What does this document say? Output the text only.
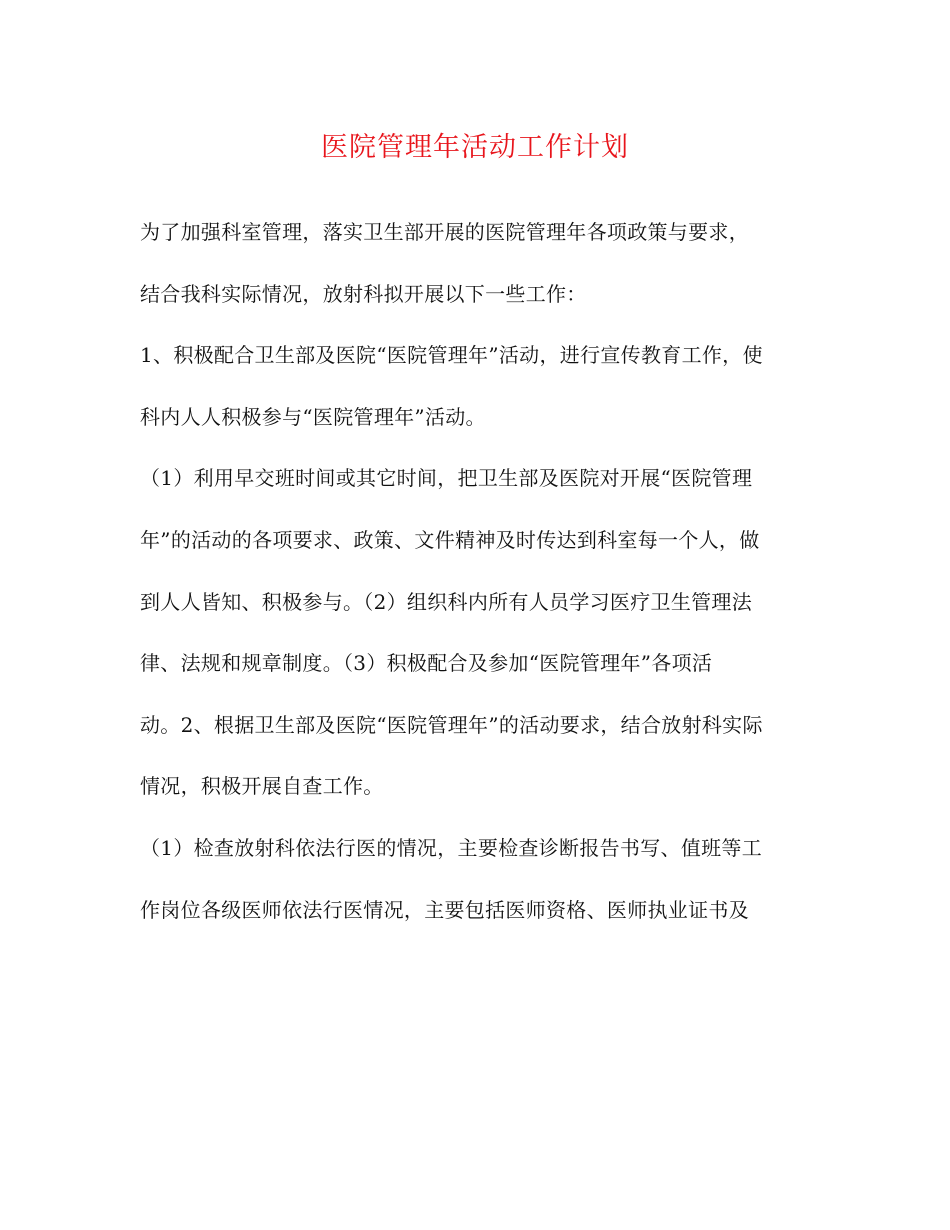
医院管理年活动工作计划
为了加强科室管理，落实卫生部开展的医院管理年各项政策与要求，
结合我科实际情况，放射科拟开展以下一些工作：
1、积极配合卫生部及医院“医院管理年”活动，进行宣传教育工作，使
科内人人积极参与“医院管理年”活动。
（1）利用早交班时间或其它时间，把卫生部及医院对开展“医院管理
年”的活动的各项要求、政策、文件精神及时传达到科室每一个人，做
到人人皆知、积极参与。（2）组织科内所有人员学习医疗卫生管理法
律、法规和规章制度。（3）积极配合及参加“医院管理年”各项活
动。2、根据卫生部及医院“医院管理年”的活动要求，结合放射科实际
情况，积极开展自查工作。
（1）检查放射科依法行医的情况，主要检查诊断报告书写、值班等工
作岗位各级医师依法行医情况，主要包括医师资格、医师执业证书及
